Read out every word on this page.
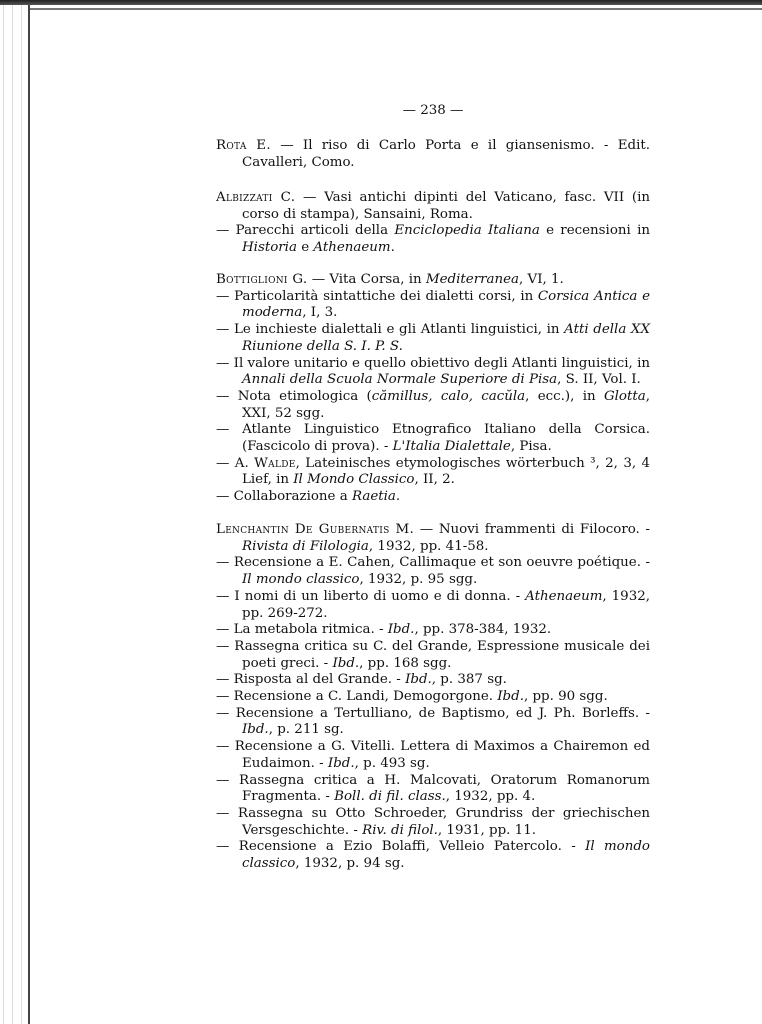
— 238 —

Rota E. — Il riso di Carlo Porta e il giansenismo. - Edit. Cavalleri, Como.

Albizzati C. — Vasi antichi dipinti del Vaticano, fasc. VII (in corso di stampa), Sansaini, Roma.

— Parecchi articoli della Enciclopedia Italiana e recensioni in Historia e Athenaeum.

Bottiglioni G. — Vita Corsa, in Mediterranea, VI, 1.

— Particolarità sintattiche dei dialetti corsi, in Corsica Antica e moderna, I, 3.

— Le inchieste dialettali e gli Atlanti linguistici, in Atti della XX Riunione della S. I. P. S.

— Il valore unitario e quello obiettivo degli Atlanti linguistici, in Annali della Scuola Normale Superiore di Pisa, S. II, Vol. I.

— Nota etimologica (cămillus, calo, cacŭla, ecc.), in Glotta, XXI, 52 sgg.

— Atlante Linguistico Etnografico Italiano della Corsica. (Fascicolo di prova). - L'Italia Dialettale, Pisa.

— A. Walde, Lateinisches etymologisches wörterbuch ³, 2, 3, 4 Lief, in Il Mondo Classico, II, 2.

— Collaborazione a Raetia.

Lenchantin De Gubernatis M. — Nuovi frammenti di Filocoro. - Rivista di Filologia, 1932, pp. 41-58.

— Recensione a E. Cahen, Callimaque et son oeuvre poétique. - Il mondo classico, 1932, p. 95 sgg.

— I nomi di un liberto di uomo e di donna. - Athenaeum, 1932, pp. 269-272.

— La metabola ritmica. - Ibd., pp. 378-384, 1932.

— Rassegna critica su C. del Grande, Espressione musicale dei poeti greci. - Ibd., pp. 168 sgg.

— Risposta al del Grande. - Ibd., p. 387 sg.

— Recensione a C. Landi, Demogorgone. Ibd., pp. 90 sgg.

— Recensione a Tertulliano, de Baptismo, ed J. Ph. Borleffs. - Ibd., p. 211 sg.

— Recensione a G. Vitelli. Lettera di Maximos a Chairemon ed Eudaimon. - Ibd., p. 493 sg.

— Rassegna critica a H. Malcovati, Oratorum Romanorum Fragmenta. - Boll. di fil. class., 1932, pp. 4.

— Rassegna su Otto Schroeder, Grundriss der griechischen Versgeschichte. - Riv. di filol., 1931, pp. 11.

— Recensione a Ezio Bolaffi, Velleio Patercolo. - Il mondo classico, 1932, p. 94 sg.
